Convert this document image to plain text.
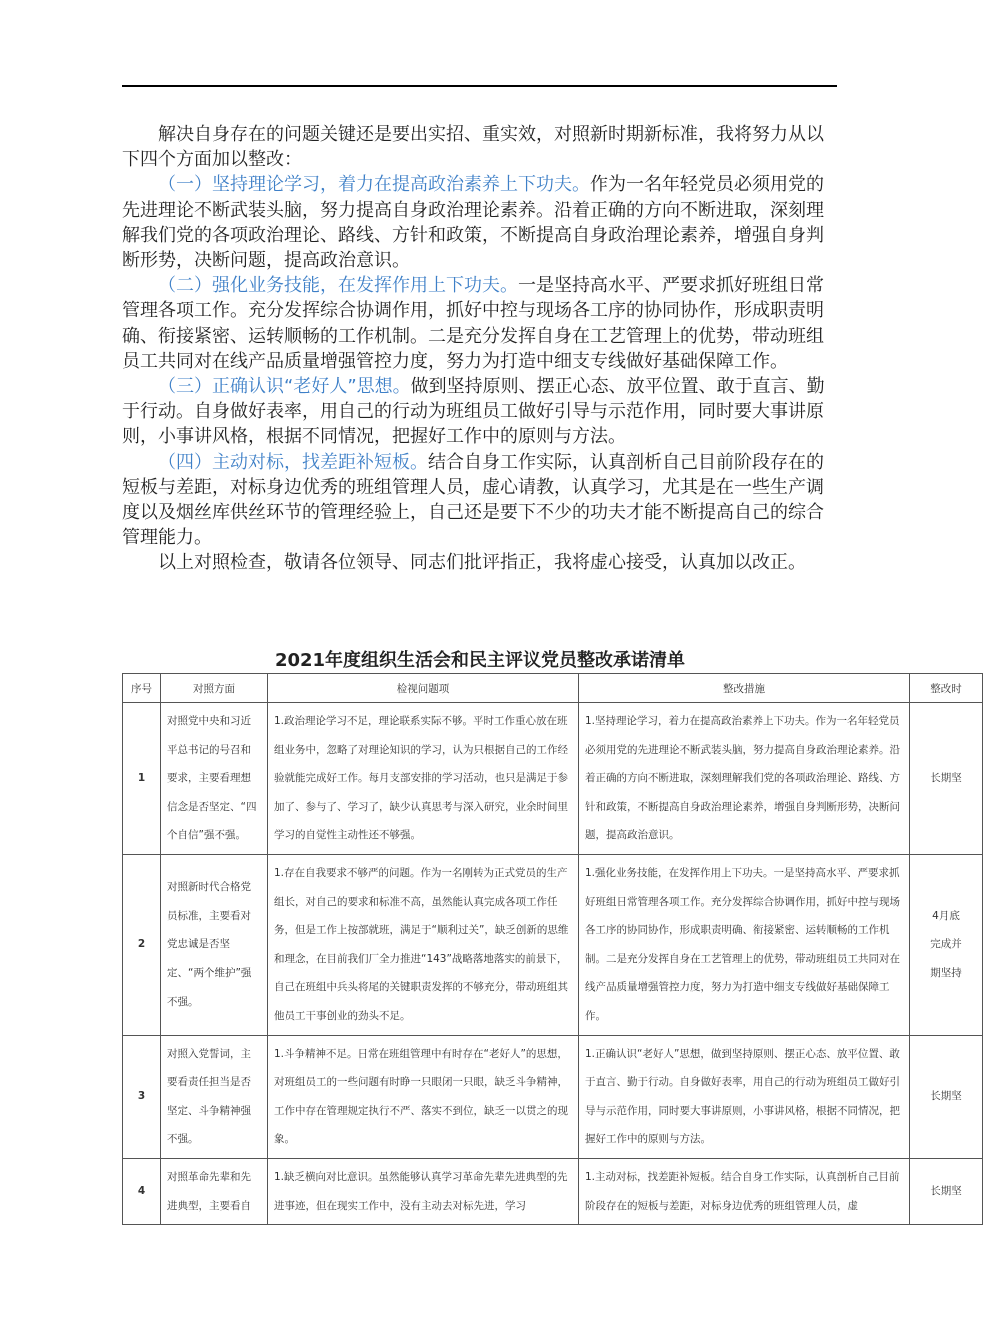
解决自身存在的问题关键还是要出实招、重实效，对照新时期新标准，我将努力从以下四个方面加以整改：

（一）坚持理论学习，着力在提高政治素养上下功夫。作为一名年轻党员必须用党的先进理论不断武装头脑，努力提高自身政治理论素养。沿着正确的方向不断进取，深刻理解我们党的各项政治理论、路线、方针和政策，不断提高自身政治理论素养，增强自身判断形势，决断问题，提高政治意识。

（二）强化业务技能，在发挥作用上下功夫。一是坚持高水平、严要求抓好班组日常管理各项工作。充分发挥综合协调作用，抓好中控与现场各工序的协同协作，形成职责明确、衔接紧密、运转顺畅的工作机制。二是充分发挥自身在工艺管理上的优势，带动班组员工共同对在线产品质量增强管控力度，努力为打造中细支专线做好基础保障工作。

（三）正确认识“老好人”思想。做到坚持原则、摆正心态、放平位置、敢于直言、勤于行动。自身做好表率，用自己的行动为班组员工做好引导与示范作用，同时要大事讲原则，小事讲风格，根据不同情况，把握好工作中的原则与方法。

（四）主动对标，找差距补短板。结合自身工作实际，认真剖析自己目前阶段存在的短板与差距，对标身边优秀的班组管理人员，虚心请教，认真学习，尤其是在一些生产调度以及烟丝库供丝环节的管理经验上，自己还是要下不少的功夫才能不断提高自己的综合管理能力。

以上对照检查，敬请各位领导、同志们批评指正，我将虚心接受，认真加以改正。

2021年度组织生活会和民主评议党员整改承诺清单
序号	对照方面	检视问题项	整改措施	整改时
1	对照党中央和习近平总书记的号召和要求，主要看理想信念是否坚定、“四个自信”强不强。	1.政治理论学习不足，理论联系实际不够。平时工作重心放在班组业务中，忽略了对理论知识的学习，认为只根据自己的工作经验就能完成好工作。每月支部安排的学习活动，也只是满足于参加了、参与了、学习了，缺少认真思考与深入研究，业余时间里学习的自觉性主动性还不够强。	1.坚持理论学习，着力在提高政治素养上下功夫。作为一名年轻党员必须用党的先进理论不断武装头脑，努力提高自身政治理论素养。沿着正确的方向不断进取，深刻理解我们党的各项政治理论、路线、方针和政策，不断提高自身政治理论素养，增强自身判断形势，决断问题，提高政治意识。	长期坚

2	对照新时代合格党员标准，主要看对党忠诚是否坚定、“两个维护”强不强。	1.存在自我要求不够严的问题。作为一名刚转为正式党员的生产组长，对自己的要求和标准不高，虽然能认真完成各项工作任务，但是工作上按部就班，满足于“顺利过关”，缺乏创新的思维和理念，在目前我们厂全力推进“143”战略落地落实的前景下，自己在班组中兵头将尾的关键职责发挥的不够充分，带动班组其他员工干事创业的劲头不足。	1.强化业务技能，在发挥作用上下功夫。一是坚持高水平、严要求抓好班组日常管理各项工作。充分发挥综合协调作用，抓好中控与现场各工序的协同协作，形成职责明确、衔接紧密、运转顺畅的工作机制。二是充分发挥自身在工艺管理上的优势，带动班组员工共同对在线产品质量增强管控力度，努力为打造中细支专线做好基础保障工作。	4月底
完成并
期坚持

3	对照入党誓词，主要看责任担当是否坚定、斗争精神强不强。	1.斗争精神不足。日常在班组管理中有时存在“老好人”的思想，对班组员工的一些问题有时睁一只眼闭一只眼，缺乏斗争精神，工作中存在管理规定执行不严、落实不到位，缺乏一以贯之的现象。	1.正确认识“老好人”思想，做到坚持原则、摆正心态、放平位置、敢于直言、勤于行动。自身做好表率，用自己的行动为班组员工做好引导与示范作用，同时要大事讲原则，小事讲风格，根据不同情况，把握好工作中的原则与方法。	长期坚

4	对照革命先辈和先进典型，主要看自	1.缺乏横向对比意识。虽然能够认真学习革命先辈先进典型的先进事迹，但在现实工作中，没有主动去对标先进，学习	1.主动对标，找差距补短板。结合自身工作实际，认真剖析自己目前阶段存在的短板与差距，对标身边优秀的班组管理人员，虚	长期坚
